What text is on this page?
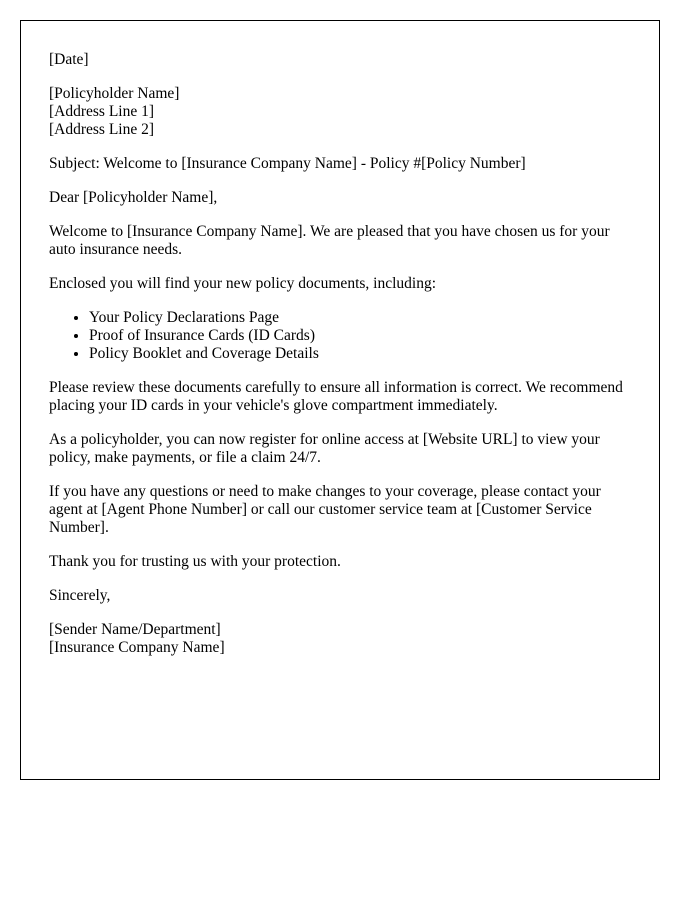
[Date]

[Policyholder Name]
[Address Line 1]
[Address Line 2]

Subject: Welcome to [Insurance Company Name] - Policy #[Policy Number]

Dear [Policyholder Name],

Welcome to [Insurance Company Name]. We are pleased that you have chosen us for your auto insurance needs.

Enclosed you will find your new policy documents, including:

• Your Policy Declarations Page
• Proof of Insurance Cards (ID Cards)
• Policy Booklet and Coverage Details

Please review these documents carefully to ensure all information is correct. We recommend placing your ID cards in your vehicle's glove compartment immediately.

As a policyholder, you can now register for online access at [Website URL] to view your policy, make payments, or file a claim 24/7.

If you have any questions or need to make changes to your coverage, please contact your agent at [Agent Phone Number] or call our customer service team at [Customer Service Number].

Thank you for trusting us with your protection.

Sincerely,

[Sender Name/Department]
[Insurance Company Name]
